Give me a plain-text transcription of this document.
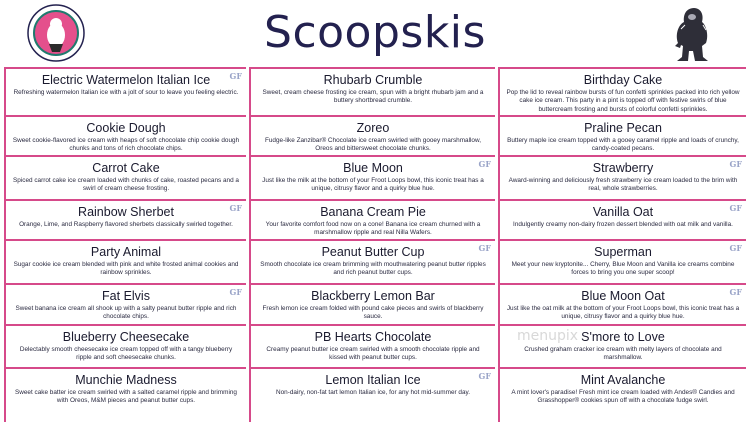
Scoopskis
Electric Watermelon Italian Ice
Refreshing watermelon Italian ice with a jolt of sour to leave you feeling electric.
GF
Cookie Dough
Sweet cookie-flavored ice cream with heaps of soft chocolate chip cookie dough chunks and tons of rich chocolate chips.
Carrot Cake
Spiced carrot cake ice cream loaded with chunks of cake, roasted pecans and a swirl of cream cheese frosting.
Rainbow Sherbet
Orange, Lime, and Raspberry flavored sherbets classically swirled together.
GF
Party Animal
Sugar cookie ice cream blended with pink and white frosted animal cookies and rainbow sprinkles.
Fat Elvis
Sweet banana ice cream all shook up with a salty peanut butter ripple and rich chocolate chips.
GF
Blueberry Cheesecake
Delectably smooth cheesecake ice cream topped off with a tangy blueberry ripple and soft cheesecake chunks.
Munchie Madness
Sweet cake batter ice cream swirled with a salted caramel ripple and brimming with Oreos, M&M pieces and peanut butter cups.
Rhubarb Crumble
Sweet, cream cheese frosting ice cream, spun with a bright rhubarb jam and a buttery shortbread crumble.
Zoreo
Fudge-like Zanzibar® Chocolate ice cream swirled with gooey marshmallow, Oreos and bittersweet chocolate chunks.
Blue Moon
Just like the milk at the bottom of your Froot Loops bowl, this iconic treat has a unique, citrusy flavor and a quirky blue hue.
GF
Banana Cream Pie
Your favorite comfort food now on a cone! Banana ice cream churned with a marshmallow ripple and real Nilla Wafers.
Peanut Butter Cup
Smooth chocolate ice cream brimming with mouthwatering peanut butter ripples and rich peanut butter cups.
GF
Blackberry Lemon Bar
Fresh lemon ice cream folded with pound cake pieces and swirls of blackberry sauce.
PB Hearts Chocolate
Creamy peanut butter ice cream swirled with a smooth chocolate ripple and kissed with peanut butter cups.
Lemon Italian Ice
Non-dairy, non-fat tart lemon Italian ice, for any hot mid-summer day.
GF
Birthday Cake
Pop the lid to reveal rainbow bursts of fun confetti sprinkles packed into rich yellow cake ice cream. This party in a pint is topped off with festive swirls of blue buttercream frosting and bursts of colorful confetti sprinkles.
Praline Pecan
Buttery maple ice cream topped with a gooey caramel ripple and loads of crunchy, candy-coated pecans.
Strawberry
Award-winning and deliciously fresh strawberry ice cream loaded to the brim with real, whole strawberries.
GF
Vanilla Oat
Indulgently creamy non-dairy frozen dessert blended with oat milk and vanilla.
GF
Superman
Meet your new kryptonite... Cherry, Blue Moon and Vanilla ice creams combine forces to bring you one super scoop!
GF
Blue Moon Oat
Just like the oat milk at the bottom of your Froot Loops bowl, this iconic treat has a unique, citrusy flavor and a quirky blue hue.
GF
S'more to Love
Crushed graham cracker ice cream with melty layers of chocolate and marshmallow.
Mint Avalanche
A mint lover's paradise! Fresh mint ice cream loaded with Andes® Candies and Grasshopper® cookies spun off with a chocolate fudge swirl.
menupix
